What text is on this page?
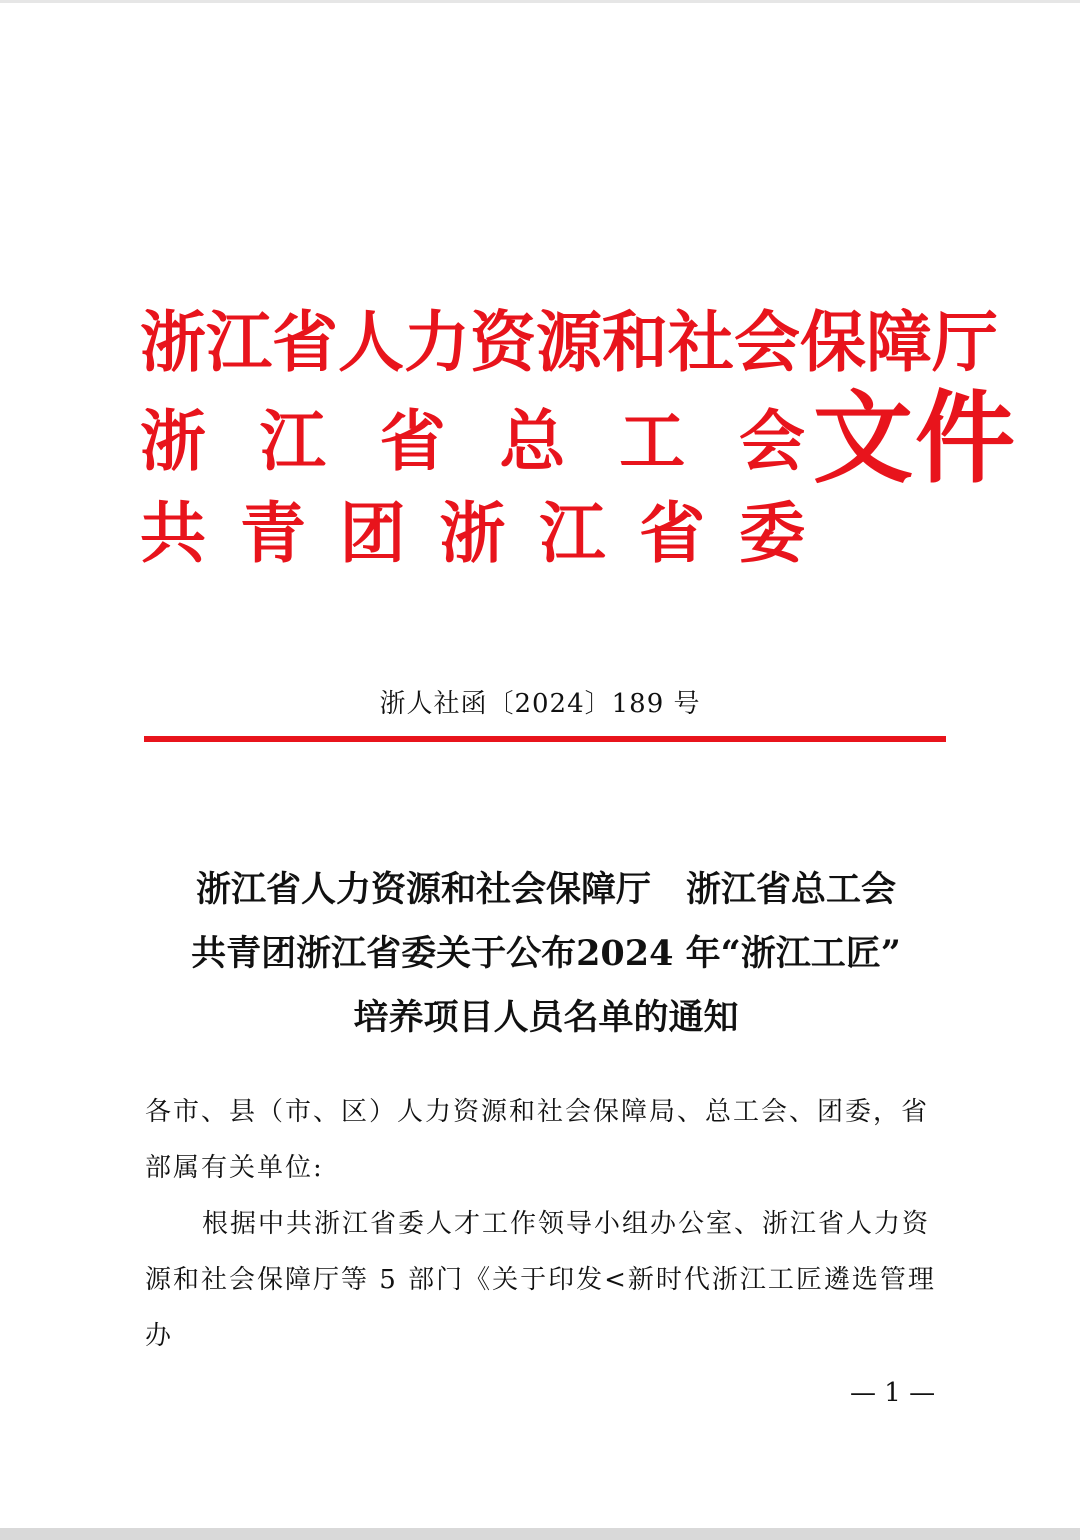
浙 江 省 人 力 资 源 和 社 会 保 障 厅
浙 江 省 总 工 会
共 青 团 浙 江 省 委
文件
浙人社函〔2024〕189 号
浙江省人力资源和社会保障厅　浙江省总工会
共青团浙江省委关于公布2024 年“浙江工匠”
培养项目人员名单的通知
各市、县（市、区）人力资源和社会保障局、总工会、团委，省部属有关单位:
根据中共浙江省委人才工作领导小组办公室、浙江省人力资源和社会保障厅等 5 部门《关于印发<新时代浙江工匠遴选管理办
— 1 —
